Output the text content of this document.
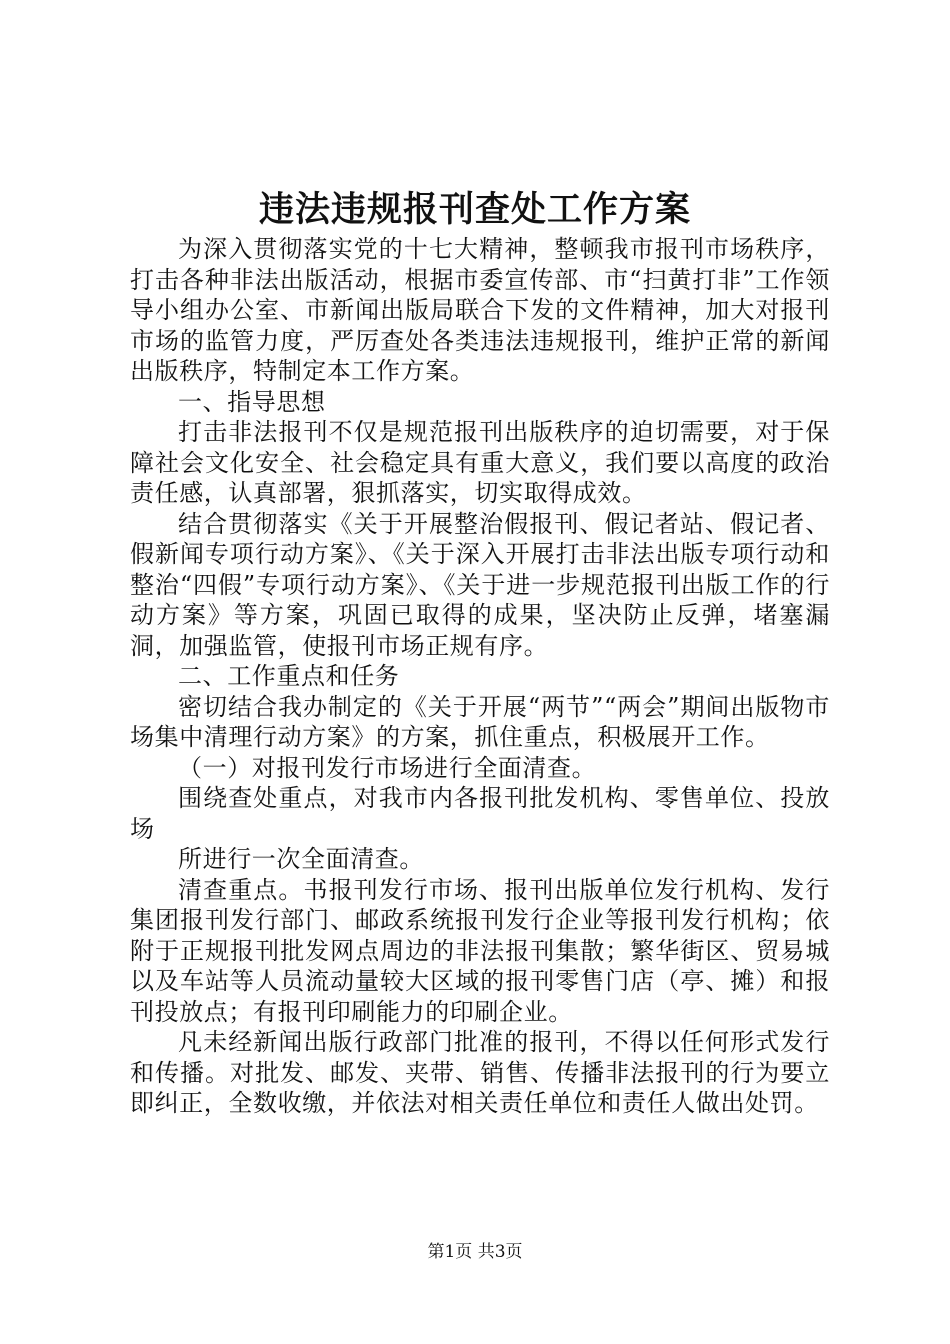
违法违规报刊查处工作方案

为深入贯彻落实党的十七大精神，整顿我市报刊市场秩序，打击各种非法出版活动，根据市委宣传部、市“扫黄打非”工作领导小组办公室、市新闻出版局联合下发的文件精神，加大对报刊市场的监管力度，严厉查处各类违法违规报刊，维护正常的新闻出版秩序，特制定本工作方案。

一、指导思想

打击非法报刊不仅是规范报刊出版秩序的迫切需要，对于保障社会文化安全、社会稳定具有重大意义，我们要以高度的政治责任感，认真部署，狠抓落实，切实取得成效。

结合贯彻落实《关于开展整治假报刊、假记者站、假记者、假新闻专项行动方案》、《关于深入开展打击非法出版专项行动和整治“四假”专项行动方案》、《关于进一步规范报刊出版工作的行动方案》等方案，巩固已取得的成果，坚决防止反弹，堵塞漏洞，加强监管，使报刊市场正规有序。

二、工作重点和任务

密切结合我办制定的《关于开展“两节”“两会”期间出版物市场集中清理行动方案》的方案，抓住重点，积极展开工作。

（一）对报刊发行市场进行全面清查。

围绕查处重点，对我市内各报刊批发机构、零售单位、投放场

所进行一次全面清查。

清查重点。书报刊发行市场、报刊出版单位发行机构、发行集团报刊发行部门、邮政系统报刊发行企业等报刊发行机构；依附于正规报刊批发网点周边的非法报刊集散；繁华街区、贸易城以及车站等人员流动量较大区域的报刊零售门店（亭、摊）和报刊投放点；有报刊印刷能力的印刷企业。

凡未经新闻出版行政部门批准的报刊，不得以任何形式发行和传播。对批发、邮发、夹带、销售、传播非法报刊的行为要立即纠正，全数收缴，并依法对相关责任单位和责任人做出处罚。

第1页 共3页
